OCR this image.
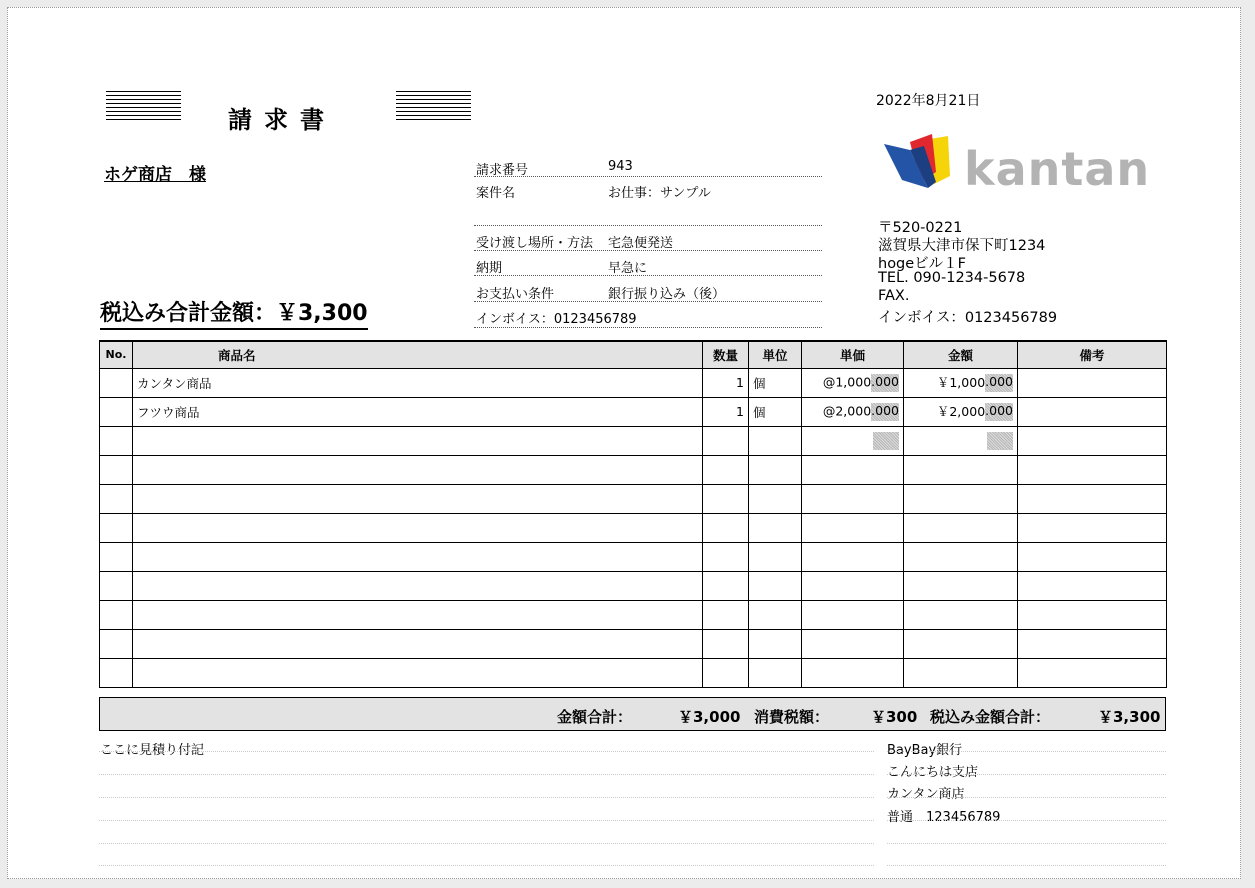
請求書
ホゲ商店　様
税込み合計金額：￥3,300
請求番号	943
案件名	お仕事：サンプル
受け渡し場所・方法 宅急便発送
納期	早急に
お支払い条件	銀行振り込み（後）
インボイス：0123456789
2022年8月21日
kantan
〒520-0221
滋賀県大津市保下町1234
hogeビル１F
TEL. 090-1234-5678
FAX.
インボイス：0123456789
No.	商品名	数量	単位	単価	金額	備考
	カンタン商品	1	個	@1,000.000	￥1,000.000	
	フツウ商品	1	個	@2,000.000	￥2,000.000	

金額合計：	￥3,000 消費税額：	￥300 税込み金額合計：	￥3,300
ここに見積り付記	BayBay銀行
こんにちは支店
カンタン商店
普通　123456789
